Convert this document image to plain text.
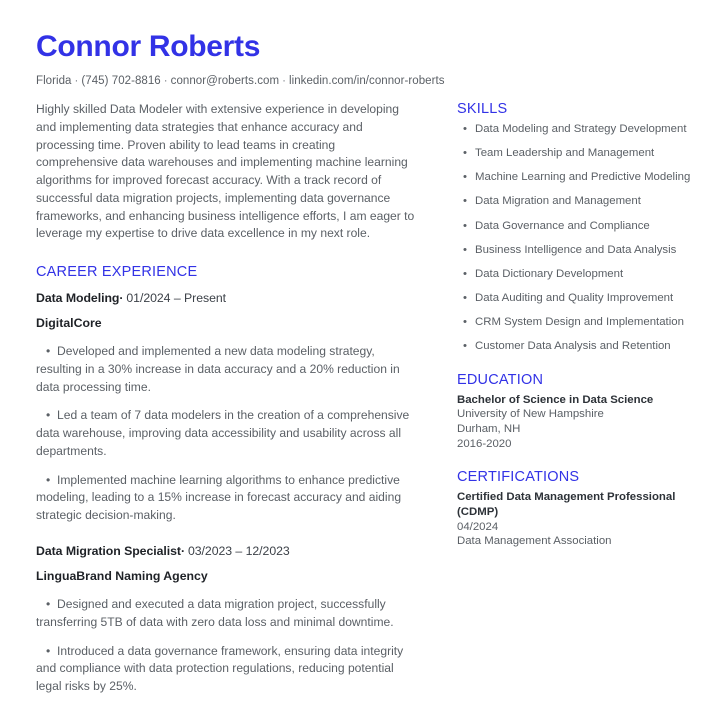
Connor Roberts

Florida · (745) 702-8816 · connor@roberts.com · linkedin.com/in/connor-roberts

Highly skilled Data Modeler with extensive experience in developing and implementing data strategies that enhance accuracy and processing time. Proven ability to lead teams in creating comprehensive data warehouses and implementing machine learning algorithms for improved forecast accuracy. With a track record of successful data migration projects, implementing data governance frameworks, and enhancing business intelligence efforts, I am eager to leverage my expertise to drive data excellence in my next role.

CAREER EXPERIENCE

Data Modeling· 01/2024 – Present

DigitalCore

• Developed and implemented a new data modeling strategy, resulting in a 30% increase in data accuracy and a 20% reduction in data processing time.
• Led a team of 7 data modelers in the creation of a comprehensive data warehouse, improving data accessibility and usability across all departments.
• Implemented machine learning algorithms to enhance predictive modeling, leading to a 15% increase in forecast accuracy and aiding strategic decision-making.

Data Migration Specialist· 03/2023 – 12/2023

LinguaBrand Naming Agency

• Designed and executed a data migration project, successfully transferring 5TB of data with zero data loss and minimal downtime.
• Introduced a data governance framework, ensuring data integrity and compliance with data protection regulations, reducing potential legal risks by 25%.
SKILLS
• Data Modeling and Strategy Development
• Team Leadership and Management
• Machine Learning and Predictive Modeling
• Data Migration and Management
• Data Governance and Compliance
• Business Intelligence and Data Analysis
• Data Dictionary Development
• Data Auditing and Quality Improvement
• CRM System Design and Implementation
• Customer Data Analysis and Retention
EDUCATION

Bachelor of Science in Data Science

University of New Hampshire

Durham, NH

2016-2020

CERTIFICATIONS

Certified Data Management Professional (CDMP)

04/2024

Data Management Association
